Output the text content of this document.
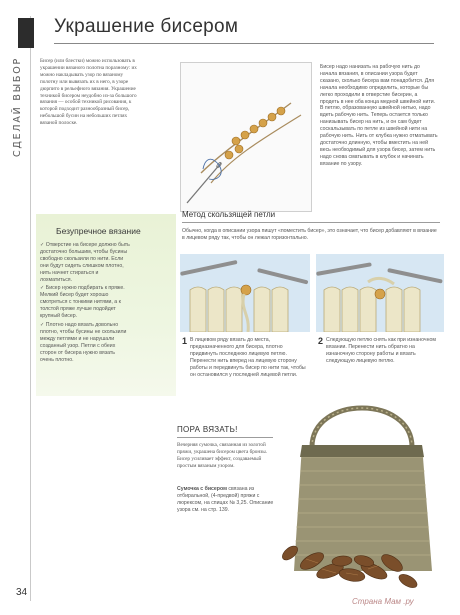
СДЕЛАЙ ВЫБОР
34
Украшение бисером
Бисер (или блестки) можно использовать в украшении вязаного полотна поразному: их можно накладывать узор по вязаному полотну или вывязать их в него, в узоре дюрпито в рельефного вязания. Украшение техникой бисером неудобно из-за большого вязания — особой техникой рисования, к которой подходит разнообразный бисер, небольшой бусин на небольших петлях вязаной полоске.
Бисер надо нанизать на рабочую нить до начала вязания, в описании узора будет сказано, сколько бисера вам понадобится. Для начала необходимо определить, которые бы легко проходили в отверстие бисерин, а продеть в нее оба конца медной швейной нити. В петлю, образованную швейной нитью, надо вдеть рабочую нить. Теперь остается только нанизывать бисер на нить, и он сам будет соскальзывать по петле из швейной нити на рабочую нить. Нить от клубка нужно отматывать достаточно длинную, чтобы вместить на ней весь необходимый для узора бисер, затем нить надо снова сматывать в клубок и начинать вязание по узору.
Безупречное вязание

✓ Отверстие на бисере должно быть достаточно большим, чтобы бусины свободно скользили по нити. Если они будут сидеть слишком плотно, нить начнет стираться и лохматиться.

✓ Бисер нужно подбирать к пряже. Мелкий бисер будет хорошо смотреться с тонкими нитями, а к толстой пряже лучше подойдет крупный бисер.

✓ Плотно надо вязать довольно плотно, чтобы бусины не скользили между петлями и не нарушали созданный узор. Петли с обеих сторон от бисера нужно вязать очень плотно.

Метод скользящей петли
Обычно, когда в описании узора пишут «поместить бисер», это означает, что бисер добавляют в вязание в лицевом ряду так, чтобы он лежал горизонтально.
1 В лицевом ряду вязать до места, предназначенного для бисера, плотно придвинуть последнюю лицевую петлю. Перенести нить вперед на лицевую сторону работы и передвинуть бисер по нити так, чтобы он остановился у последней лицевой петли.
2 Следующую петлю снять как при изнаночном вязании. Перенести нить обратно на изнаночную сторону работы и вязать следующую лицевую петлю.
ПОРА ВЯЗАТЬ!
Вечерняя сумочка, связанная из золотой пряжи, украшена бисером цвета бронзы. Бисер усиливает эффект, создаваемый простым вязаным узором.
Сумочка с бисером связана из отбиральной, (4-предвой) пряжи с люрексом, на спицах № 3,25. Описание узора см. на стр. 139.
Страна Мам .ру
